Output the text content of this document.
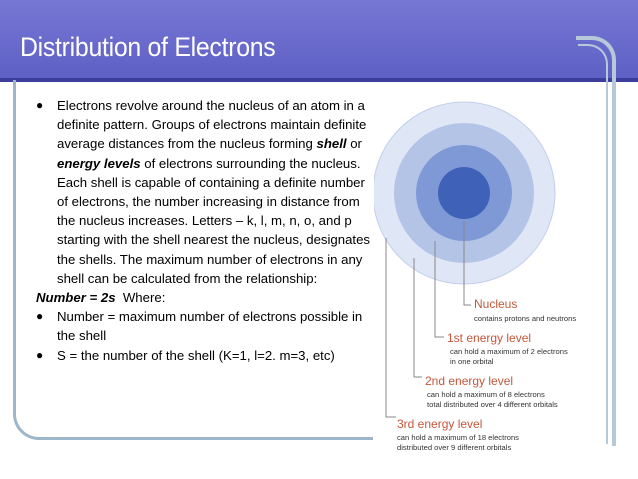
Distribution of Electrons

● Electrons revolve around the nucleus of an atom in a definite pattern. Groups of electrons maintain definite average distances from the nucleus forming shell or energy levels of electrons surrounding the nucleus. Each shell is capable of containing a definite number of electrons, the number increasing in distance from the nucleus increases. Letters – k, l, m, n, o, and p starting with the shell nearest the nucleus, designates the shells. The maximum number of electrons in any shell can be calculated from the relationship:

Number = 2s Where:

● Number = maximum number of electrons possible in the shell

● S = the number of the shell (K=1, l=2. m=3, etc)

Nucleus
contains protons and neutrons
1st energy level
can hold a maximum of 2 electrons
in one orbital
2nd energy level
can hold a maximum of 8 electrons
total distributed over 4 different orbitals
3rd energy level
can hold a maximum of 18 electrons
distributed over 9 different orbitals
